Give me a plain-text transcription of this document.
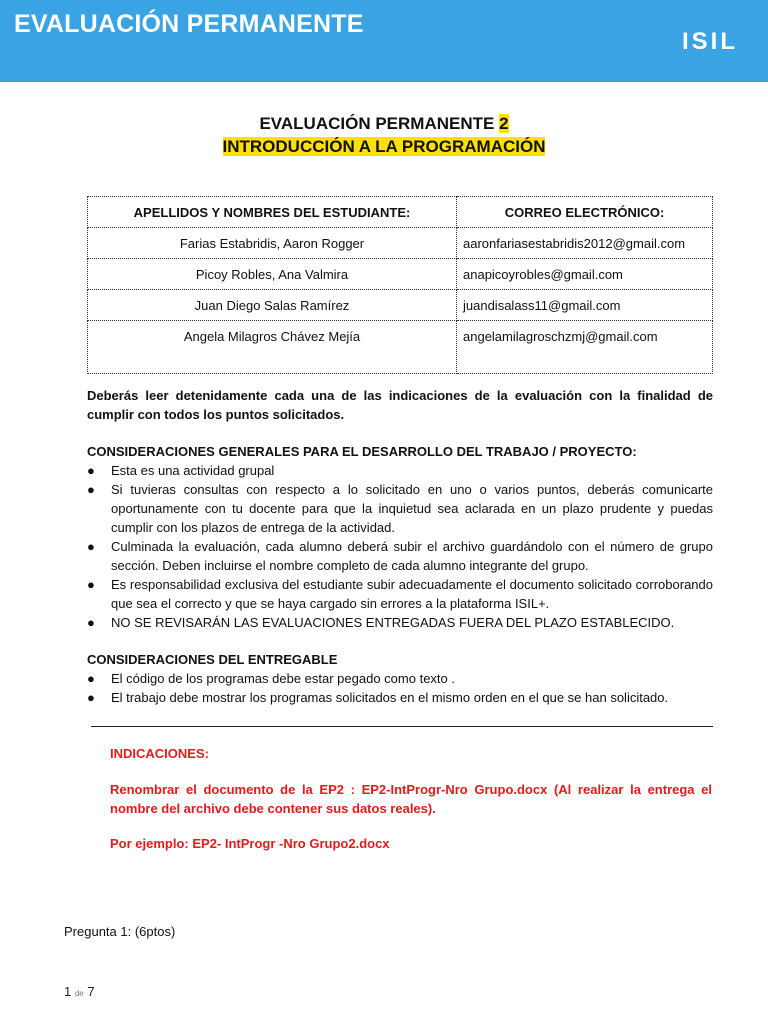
EVALUACIÓN PERMANENTE
ISIL
EVALUACIÓN PERMANENTE 2
INTRODUCCIÓN A LA PROGRAMACIÓN
APELLIDOS Y NOMBRES DEL ESTUDIANTE:	CORREO ELECTRÓNICO:
Farias Estabridis, Aaron Rogger	aaronfariasestabridis2012@gmail.com
Picoy Robles, Ana Valmira	anapicoyrobles@gmail.com
Juan Diego Salas Ramírez	juandisalass11@gmail.com
Angela Milagros Chávez Mejía	angelamilagroschzmj@gmail.com
Deberás leer detenidamente cada una de las indicaciones de la evaluación con la finalidad de cumplir con todos los puntos solicitados.
CONSIDERACIONES GENERALES PARA EL DESARROLLO DEL TRABAJO / PROYECTO:
● Esta es una actividad grupal
● Si tuvieras consultas con respecto a lo solicitado en uno o varios puntos, deberás comunicarte oportunamente con tu docente para que la inquietud sea aclarada en un plazo prudente y puedas cumplir con los plazos de entrega de la actividad.
● Culminada la evaluación, cada alumno deberá subir el archivo guardándolo con el número de grupo sección. Deben incluirse el nombre completo de cada alumno integrante del grupo.
● Es responsabilidad exclusiva del estudiante subir adecuadamente el documento solicitado corroborando que sea el correcto y que se haya cargado sin errores a la plataforma ISIL+.
● NO SE REVISARÁN LAS EVALUACIONES ENTREGADAS FUERA DEL PLAZO ESTABLECIDO.
CONSIDERACIONES DEL ENTREGABLE
● El código de los programas debe estar pegado como texto .
● El trabajo debe mostrar los programas solicitados en el mismo orden en el que se han solicitado.
INDICACIONES:
Renombrar el documento de la EP2 : EP2-IntProgr-Nro Grupo.docx (Al realizar la entrega el nombre del archivo debe contener sus datos reales).
Por ejemplo: EP2- IntProgr -Nro Grupo2.docx
Pregunta 1: (6ptos)
1 de 7
